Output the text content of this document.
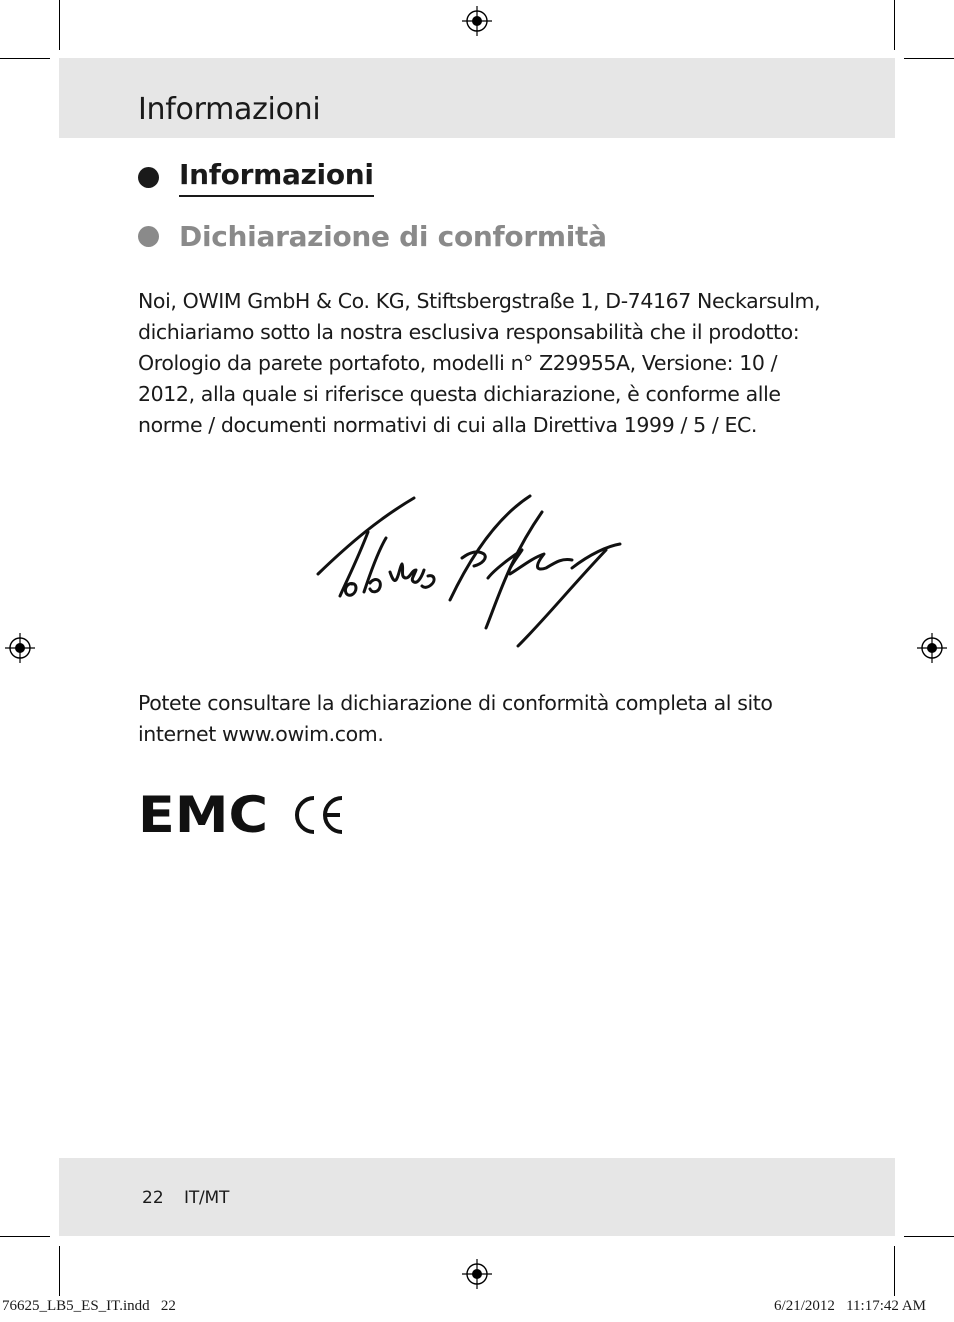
Informazioni
Informazioni
Dichiarazione di conformità

Noi, OWIM GmbH & Co. KG, Stiftsbergstraße 1, D-74167 Neckarsulm, dichiariamo sotto la nostra esclusiva responsabilità che il prodotto: Orologio da parete portafoto, modelli n° Z29955A, Versione: 10 / 2012, alla quale si riferisce questa dichiarazione, è conforme alle norme / documenti normativi di cui alla Direttiva 1999 / 5 / EC.

Potete consultare la dichiarazione di conformità completa al sito internet www.owim.com.

EMC
22 IT/MT
76625_LB5_ES_IT.indd   22	6/21/2012   11:17:42 AM
